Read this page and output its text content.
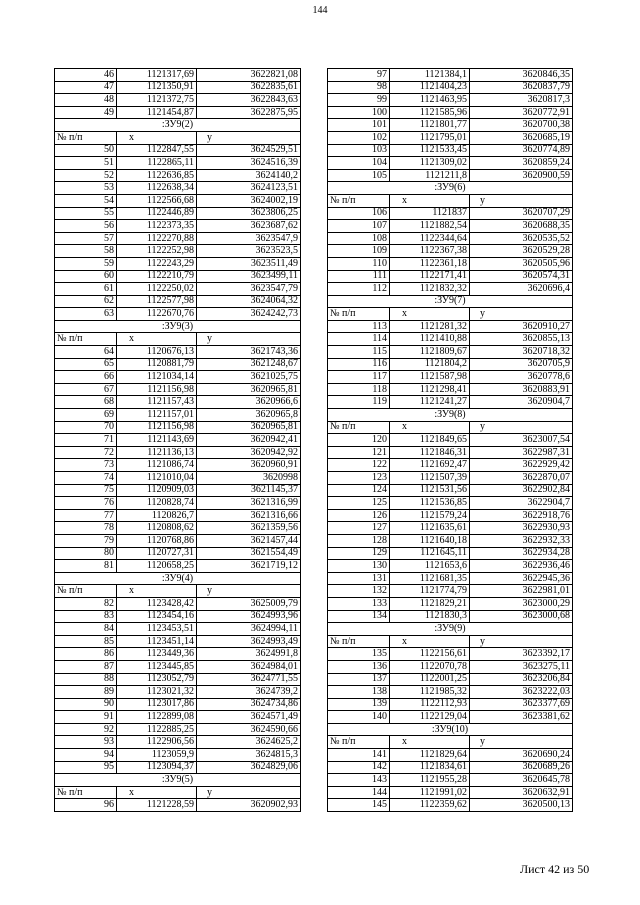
144
46	1121317,69	3622821,08
47	1121350,91	3622835,61
48	1121372,75	3622843,63
49	1121454,87	3622875,95
:ЗУ9(2)		
№ п/п	x	y
50	1122847,55	3624529,51
51	1122865,11	3624516,39
52	1122636,85	3624140,2
53	1122638,34	3624123,51
54	1122566,68	3624002,19
55	1122446,89	3623806,25
56	1122373,35	3623687,62
57	1122270,88	3623547,9
58	1122252,98	3623523,5
59	1122243,29	3623511,49
60	1122210,79	3623499,11
61	1122250,02	3623547,79
62	1122577,98	3624064,32
63	1122670,76	3624242,73
:ЗУ9(3)		
№ п/п	x	y
64	1120676,13	3621743,36
65	1120881,79	3621248,67
66	1121034,14	3621025,75
67	1121156,98	3620965,81
68	1121157,43	3620966,6
69	1121157,01	3620965,8
70	1121156,98	3620965,81
71	1121143,69	3620942,41
72	1121136,13	3620942,92
73	1121086,74	3620960,91
74	1121010,04	3620998
75	1120909,03	3621145,37
76	1120828,74	3621316,99
77	1120826,7	3621316,66
78	1120808,62	3621359,56
79	1120768,86	3621457,44
80	1120727,31	3621554,49
81	1120658,25	3621719,12
:ЗУ9(4)		
№ п/п	x	y
82	1123428,42	3625009,79
83	1123454,16	3624993,96
84	1123453,51	3624994,11
85	1123451,14	3624993,49
86	1123449,36	3624991,8
87	1123445,85	3624984,01
88	1123052,79	3624771,55
89	1123021,32	3624739,2
90	1123017,86	3624734,86
91	1122899,08	3624571,49
92	1122885,25	3624590,66
93	1122906,56	3624625,2
94	1123059,9	3624815,3
95	1123094,37	3624829,06
:ЗУ9(5)		
№ п/п	x	y
96	1121228,59	3620902,93
97	1121384,1	3620846,35
98	1121404,23	3620837,79
99	1121463,95	3620817,3
100	1121585,96	3620772,91
101	1121801,77	3620700,38
102	1121795,01	3620685,19
103	1121533,45	3620774,89
104	1121309,02	3620859,24
105	1121211,8	3620900,59
:ЗУ9(6)		
№ п/п	x	y
106	1121837	3620707,29
107	1121882,54	3620688,35
108	1122344,64	3620535,52
109	1122367,38	3620529,28
110	1122361,18	3620505,96
111	1122171,41	3620574,31
112	1121832,32	3620696,4
:ЗУ9(7)		
№ п/п	x	y
113	1121281,32	3620910,27
114	1121410,88	3620855,13
115	1121809,67	3620718,32
116	1121804,2	3620705,9
117	1121587,98	3620778,6
118	1121298,41	3620883,91
119	1121241,27	3620904,7
:ЗУ9(8)		
№ п/п	x	y
120	1121849,65	3623007,54
121	1121846,31	3622987,31
122	1121692,47	3622929,42
123	1121507,39	3622870,07
124	1121531,56	3622902,84
125	1121536,85	3622904,7
126	1121579,24	3622918,76
127	1121635,61	3622930,93
128	1121640,18	3622932,33
129	1121645,11	3622934,28
130	1121653,6	3622936,46
131	1121681,35	3622945,36
132	1121774,79	3622981,01
133	1121829,21	3623000,29
134	1121830,3	3623000,68
:ЗУ9(9)		
№ п/п	x	y
135	1122156,61	3623392,17
136	1122070,78	3623275,11
137	1122001,25	3623206,84
138	1121985,32	3623222,03
139	1122112,93	3623377,69
140	1122129,04	3623381,62
:ЗУ9(10)		
№ п/п	x	y
141	1121829,64	3620690,24
142	1121834,61	3620689,26
143	1121955,28	3620645,78
144	1121991,02	3620632,91
145	1122359,62	3620500,13
Лист 42 из 50
